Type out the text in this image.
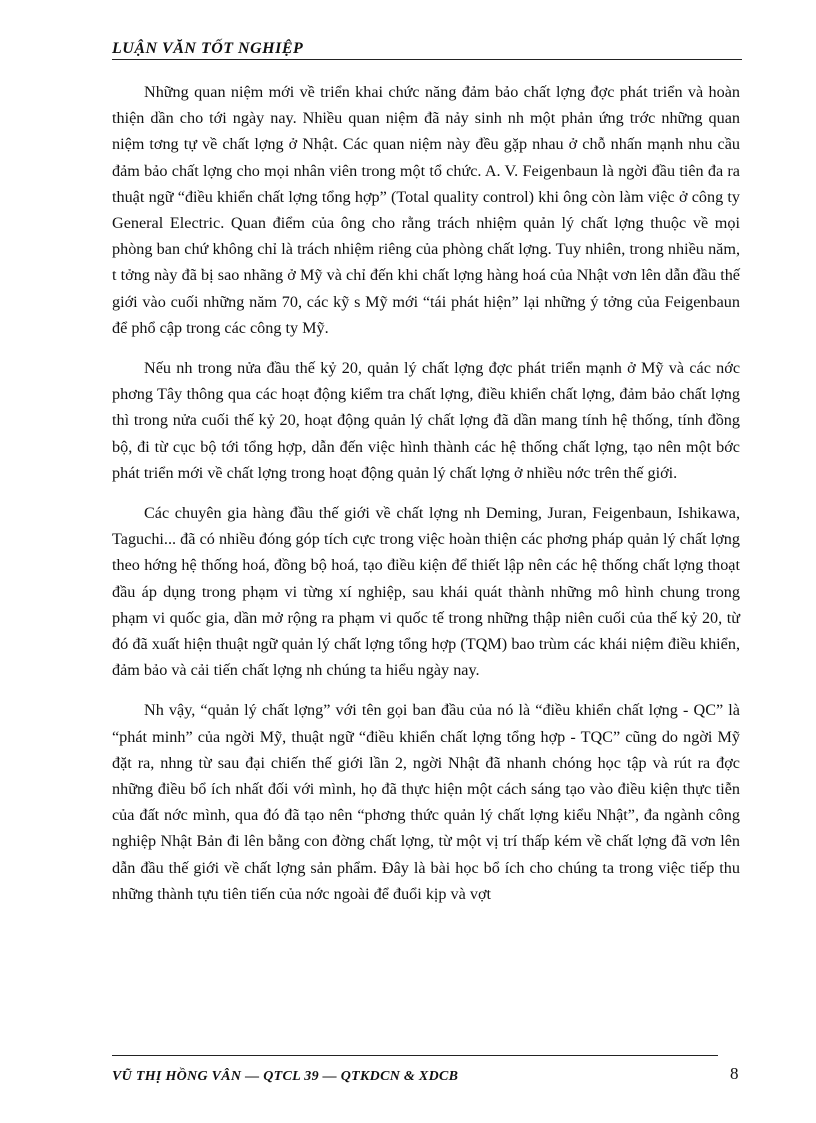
LUẬN VĂN TỐT NGHIỆP

Những quan niệm mới về triển khai chức năng đảm bảo chất lợng đợc phát triển và hoàn thiện dần cho tới ngày nay. Nhiều quan niệm đã nảy sinh nh một phản ứng trớc những quan niệm tơng tự về chất lợng ở Nhật. Các quan niệm này đều gặp nhau ở chỗ nhấn mạnh nhu cầu đảm bảo chất lợng cho mọi nhân viên trong một tổ chức. A. V. Feigenbaun là ngời đầu tiên đa ra thuật ngữ “điều khiển chất lợng tổng hợp” (Total quality control) khi ông còn làm việc ở công ty General Electric. Quan điểm của ông cho rằng trách nhiệm quản lý chất lợng thuộc về mọi phòng ban chứ không chỉ là trách nhiệm riêng của phòng chất lợng. Tuy nhiên, trong nhiều năm, t tởng này đã bị sao nhãng ở Mỹ và chỉ đến khi chất lợng hàng hoá của Nhật vơn lên dẫn đầu thế giới vào cuối những năm 70, các kỹ s Mỹ mới “tái phát hiện” lại những ý tởng của Feigenbaun để phổ cập trong các công ty Mỹ.

Nếu nh trong nửa đầu thế kỷ 20, quản lý chất lợng đợc phát triển mạnh ở Mỹ và các nớc phơng Tây thông qua các hoạt động kiểm tra chất lợng, điều khiển chất lợng, đảm bảo chất lợng thì trong nửa cuối thế kỷ 20, hoạt động quản lý chất lợng đã dần mang tính hệ thống, tính đồng bộ, đi từ cục bộ tới tổng hợp, dẫn đến việc hình thành các hệ thống chất lợng, tạo nên một bớc phát triển mới về chất lợng trong hoạt động quản lý chất lợng ở nhiều nớc trên thế giới.

Các chuyên gia hàng đầu thế giới về chất lợng nh Deming, Juran, Feigenbaun, Ishikawa, Taguchi... đã có nhiều đóng góp tích cực trong việc hoàn thiện các phơng pháp quản lý chất lợng theo hớng hệ thống hoá, đồng bộ hoá, tạo điều kiện để thiết lập nên các hệ thống chất lợng thoạt đầu áp dụng trong phạm vi từng xí nghiệp, sau khái quát thành những mô hình chung trong phạm vi quốc gia, dần mở rộng ra phạm vi quốc tế trong những thập niên cuối của thế kỷ 20, từ đó đã xuất hiện thuật ngữ quản lý chất lợng tổng hợp (TQM) bao trùm các khái niệm điều khiển, đảm bảo và cải tiến chất lợng nh chúng ta hiểu ngày nay.

Nh vậy, “quản lý chất lợng” với tên gọi ban đầu của nó là “điều khiển chất lợng - QC” là “phát minh” của ngời Mỹ, thuật ngữ “điều khiển chất lợng tổng hợp - TQC” cũng do ngời Mỹ đặt ra, nhng từ sau đại chiến thế giới lần 2, ngời Nhật đã nhanh chóng học tập và rút ra đợc những điều bổ ích nhất đối với mình, họ đã thực hiện một cách sáng tạo vào điều kiện thực tiễn của đất nớc mình, qua đó đã tạo nên “phơng thức quản lý chất lợng kiểu Nhật”, đa ngành công nghiệp Nhật Bản đi lên bằng con đờng chất lợng, từ một vị trí thấp kém về chất lợng đã vơn lên dẫn đầu thế giới về chất lợng sản phẩm. Đây là bài học bổ ích cho chúng ta trong việc tiếp thu những thành tựu tiên tiến của nớc ngoài để đuổi kịp và vợt

VŨ THỊ HỒNG VÂN — QTCL 39 — QTKDCN & XDCB	8
